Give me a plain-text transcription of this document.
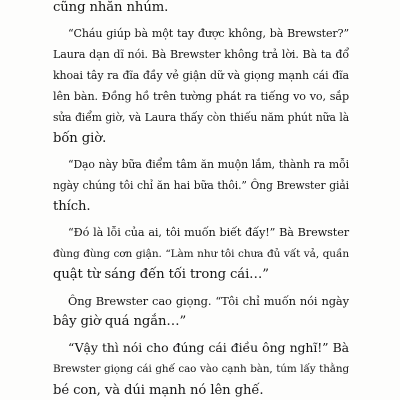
cũng nhăn nhúm.
“Cháu giúp bà một tay được không, bà Brewster?”
Laura dạn dĩ nói. Bà Brewster không trả lời. Bà ta đổ
khoai tây ra đĩa đầy vẻ giận dữ và giọng mạnh cái đĩa
lên bàn. Đồng hồ trên tường phát ra tiếng vo vo, sắp
sửa điểm giờ, và Laura thấy còn thiếu năm phút nữa là
bốn giờ.
“Dạo này bữa điểm tâm ăn muộn lắm, thành ra mỗi
ngày chúng tôi chỉ ăn hai bữa thôi.” Ông Brewster giải
thích.
“Đó là lỗi của ai, tôi muốn biết đấy!” Bà Brewster
đùng đùng cơn giận. “Làm như tôi chưa đủ vất vả, quần
quật từ sáng đến tối trong cái…”
Ông Brewster cao giọng. “Tôi chỉ muốn nói ngày
bây giờ quá ngắn…”
“Vậy thì nói cho đúng cái điều ông nghĩ!” Bà
Brewster giọng cái ghế cao vào cạnh bàn, túm lấy thằng
bé con, và dúi mạnh nó lên ghế.
